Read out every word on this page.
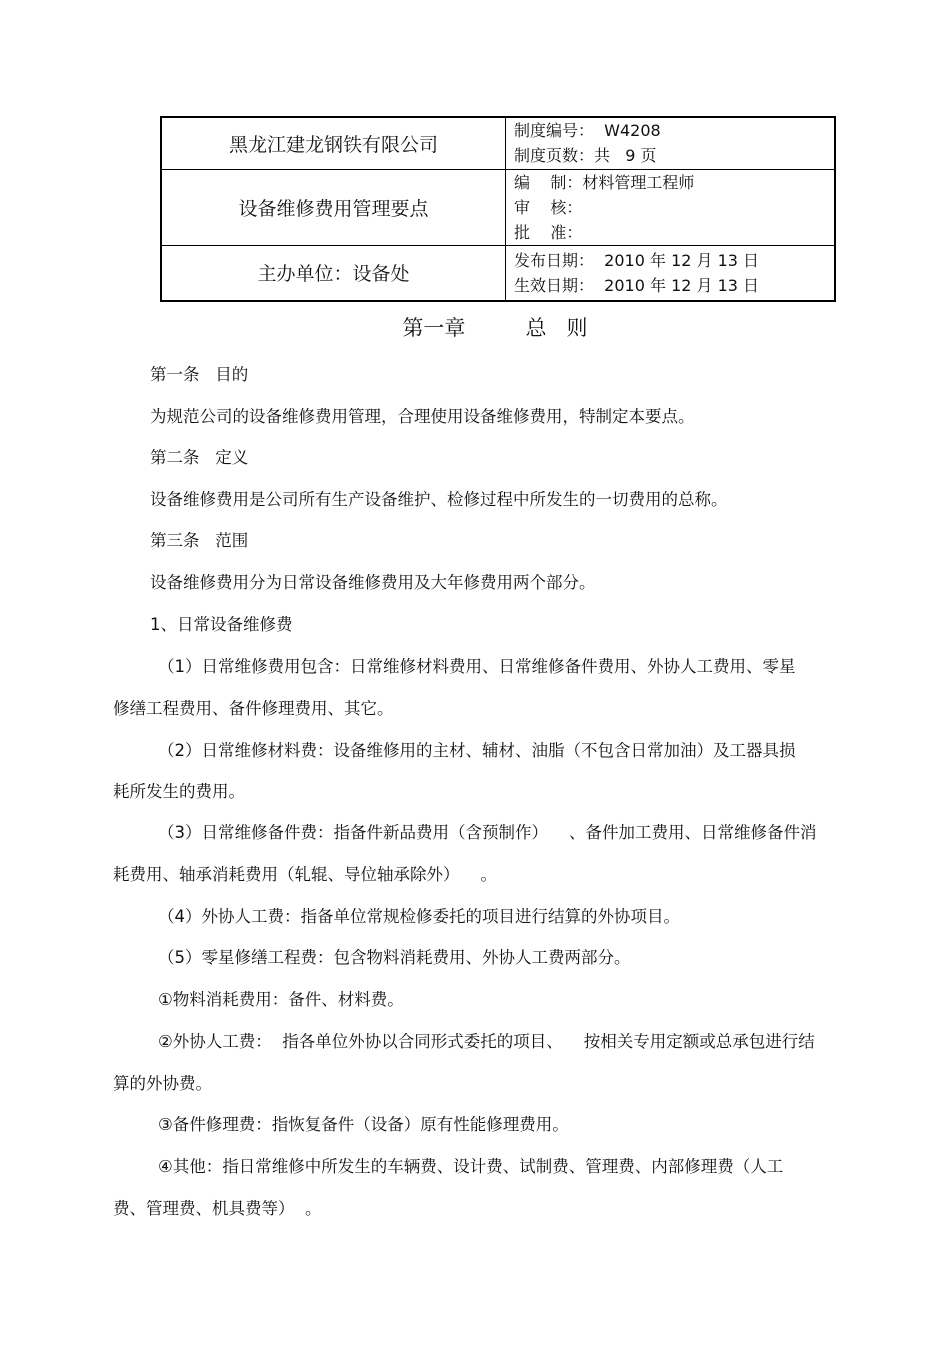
黑龙江建龙钢铁有限公司	制度编号：  W4208
制度页数：共   9 页

设备维修费用管理要点	编    制：材料管理工程师
审    核：
批    准：

主办单位：设备处	发布日期：  2010 年 12 月 13 日
生效日期：  2010 年 12 月 13 日
第一章         总   则
第一条   目的
为规范公司的设备维修费用管理，合理使用设备维修费用，特制定本要点。
第二条   定义
设备维修费用是公司所有生产设备维护、检修过程中所发生的一切费用的总称。
第三条   范围
设备维修费用分为日常设备维修费用及大年修费用两个部分。
1、日常设备维修费
（1）日常维修费用包含：日常维修材料费用、日常维修备件费用、外协人工费用、零星
修缮工程费用、备件修理费用、其它。
（2）日常维修材料费：设备维修用的主材、辅材、油脂（不包含日常加油）及工器具损
耗所发生的费用。
（3）日常维修备件费：指备件新品费用（含预制作）    、备件加工费用、日常维修备件消
耗费用、轴承消耗费用（轧辊、导位轴承除外）    。
（4）外协人工费：指备单位常规检修委托的项目进行结算的外协项目。
（5）零星修缮工程费：包含物料消耗费用、外协人工费两部分。
①物料消耗费用：备件、材料费。
②外协人工费：  指各单位外协以合同形式委托的项目、    按相关专用定额或总承包进行结
算的外协费。
③备件修理费：指恢复备件（设备）原有性能修理费用。
④其他：指日常维修中所发生的车辆费、设计费、试制费、管理费、内部修理费（人工
费、管理费、机具费等）  。
